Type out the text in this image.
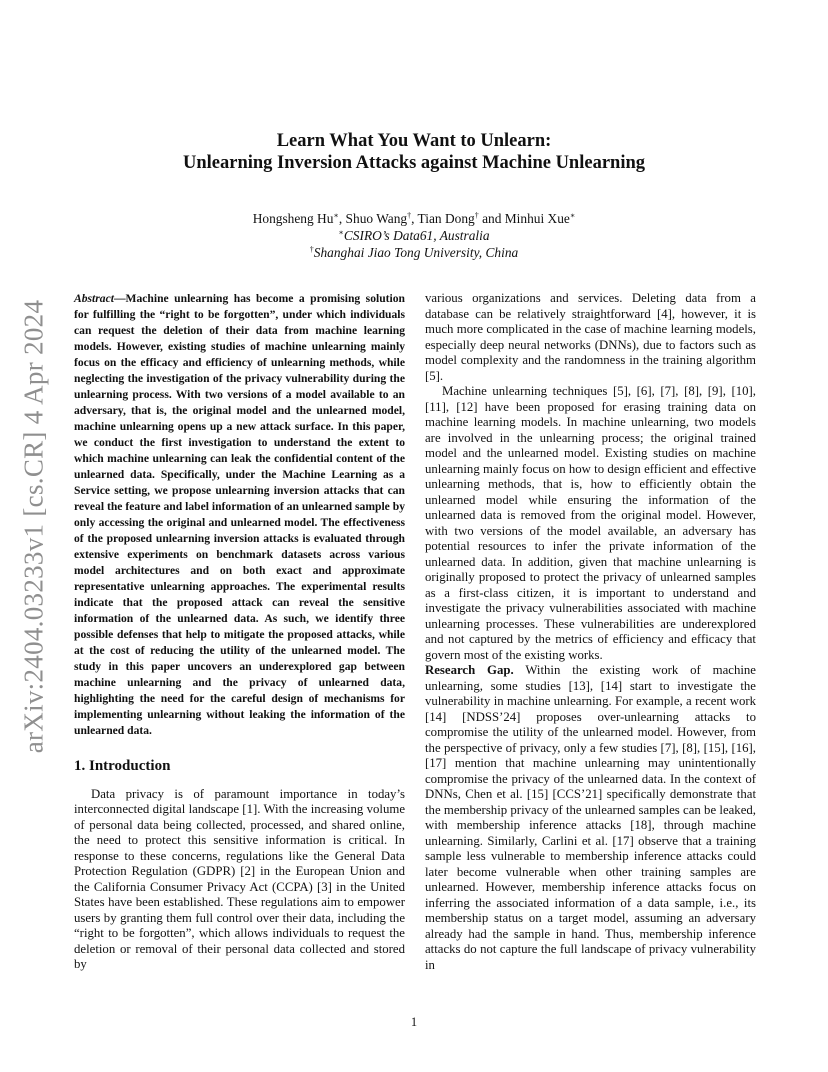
arXiv:2404.03233v1 [cs.CR] 4 Apr 2024
Learn What You Want to Unlearn:
Unlearning Inversion Attacks against Machine Unlearning
Hongsheng Hu∗, Shuo Wang†, Tian Dong† and Minhui Xue∗
∗CSIRO’s Data61, Australia
†Shanghai Jiao Tong University, China

Abstract—Machine unlearning has become a promising solution for fulfilling the “right to be forgotten”, under which individuals can request the deletion of their data from machine learning models. However, existing studies of machine unlearning mainly focus on the efficacy and efficiency of unlearning methods, while neglecting the investigation of the privacy vulnerability during the unlearning process. With two versions of a model available to an adversary, that is, the original model and the unlearned model, machine unlearning opens up a new attack surface. In this paper, we conduct the first investigation to understand the extent to which machine unlearning can leak the confidential content of the unlearned data. Specifically, under the Machine Learning as a Service setting, we propose unlearning inversion attacks that can reveal the feature and label information of an unlearned sample by only accessing the original and unlearned model. The effectiveness of the proposed unlearning inversion attacks is evaluated through extensive experiments on benchmark datasets across various model architectures and on both exact and approximate representative unlearning approaches. The experimental results indicate that the proposed attack can reveal the sensitive information of the unlearned data. As such, we identify three possible defenses that help to mitigate the proposed attacks, while at the cost of reducing the utility of the unlearned model. The study in this paper uncovers an underexplored gap between machine unlearning and the privacy of unlearned data, highlighting the need for the careful design of mechanisms for implementing unlearning without leaking the information of the unlearned data.

1. Introduction

Data privacy is of paramount importance in today’s interconnected digital landscape [1]. With the increasing volume of personal data being collected, processed, and shared online, the need to protect this sensitive information is critical. In response to these concerns, regulations like the General Data Protection Regulation (GDPR) [2] in the European Union and the California Consumer Privacy Act (CCPA) [3] in the United States have been established. These regulations aim to empower users by granting them full control over their data, including the “right to be forgotten”, which allows individuals to request the deletion or removal of their personal data collected and stored by

various organizations and services. Deleting data from a database can be relatively straightforward [4], however, it is much more complicated in the case of machine learning models, especially deep neural networks (DNNs), due to factors such as model complexity and the randomness in the training algorithm [5].

Machine unlearning techniques [5], [6], [7], [8], [9], [10], [11], [12] have been proposed for erasing training data on machine learning models. In machine unlearning, two models are involved in the unlearning process; the original trained model and the unlearned model. Existing studies on machine unlearning mainly focus on how to design efficient and effective unlearning methods, that is, how to efficiently obtain the unlearned model while ensuring the information of the unlearned data is removed from the original model. However, with two versions of the model available, an adversary has potential resources to infer the private information of the unlearned data. In addition, given that machine unlearning is originally proposed to protect the privacy of unlearned samples as a first-class citizen, it is important to understand and investigate the privacy vulnerabilities associated with machine unlearning processes. These vulnerabilities are underexplored and not captured by the metrics of efficiency and efficacy that govern most of the existing works.

Research Gap. Within the existing work of machine unlearning, some studies [13], [14] start to investigate the vulnerability in machine unlearning. For example, a recent work [14] [NDSS’24] proposes over-unlearning attacks to compromise the utility of the unlearned model. However, from the perspective of privacy, only a few studies [7], [8], [15], [16], [17] mention that machine unlearning may unintentionally compromise the privacy of the unlearned data. In the context of DNNs, Chen et al. [15] [CCS’21] specifically demonstrate that the membership privacy of the unlearned samples can be leaked, with membership inference attacks [18], through machine unlearning. Similarly, Carlini et al. [17] observe that a training sample less vulnerable to membership inference attacks could later become vulnerable when other training samples are unlearned. However, membership inference attacks focus on inferring the associated information of a data sample, i.e., its membership status on a target model, assuming an adversary already had the sample in hand. Thus, membership inference attacks do not capture the full landscape of privacy vulnerability in

1
